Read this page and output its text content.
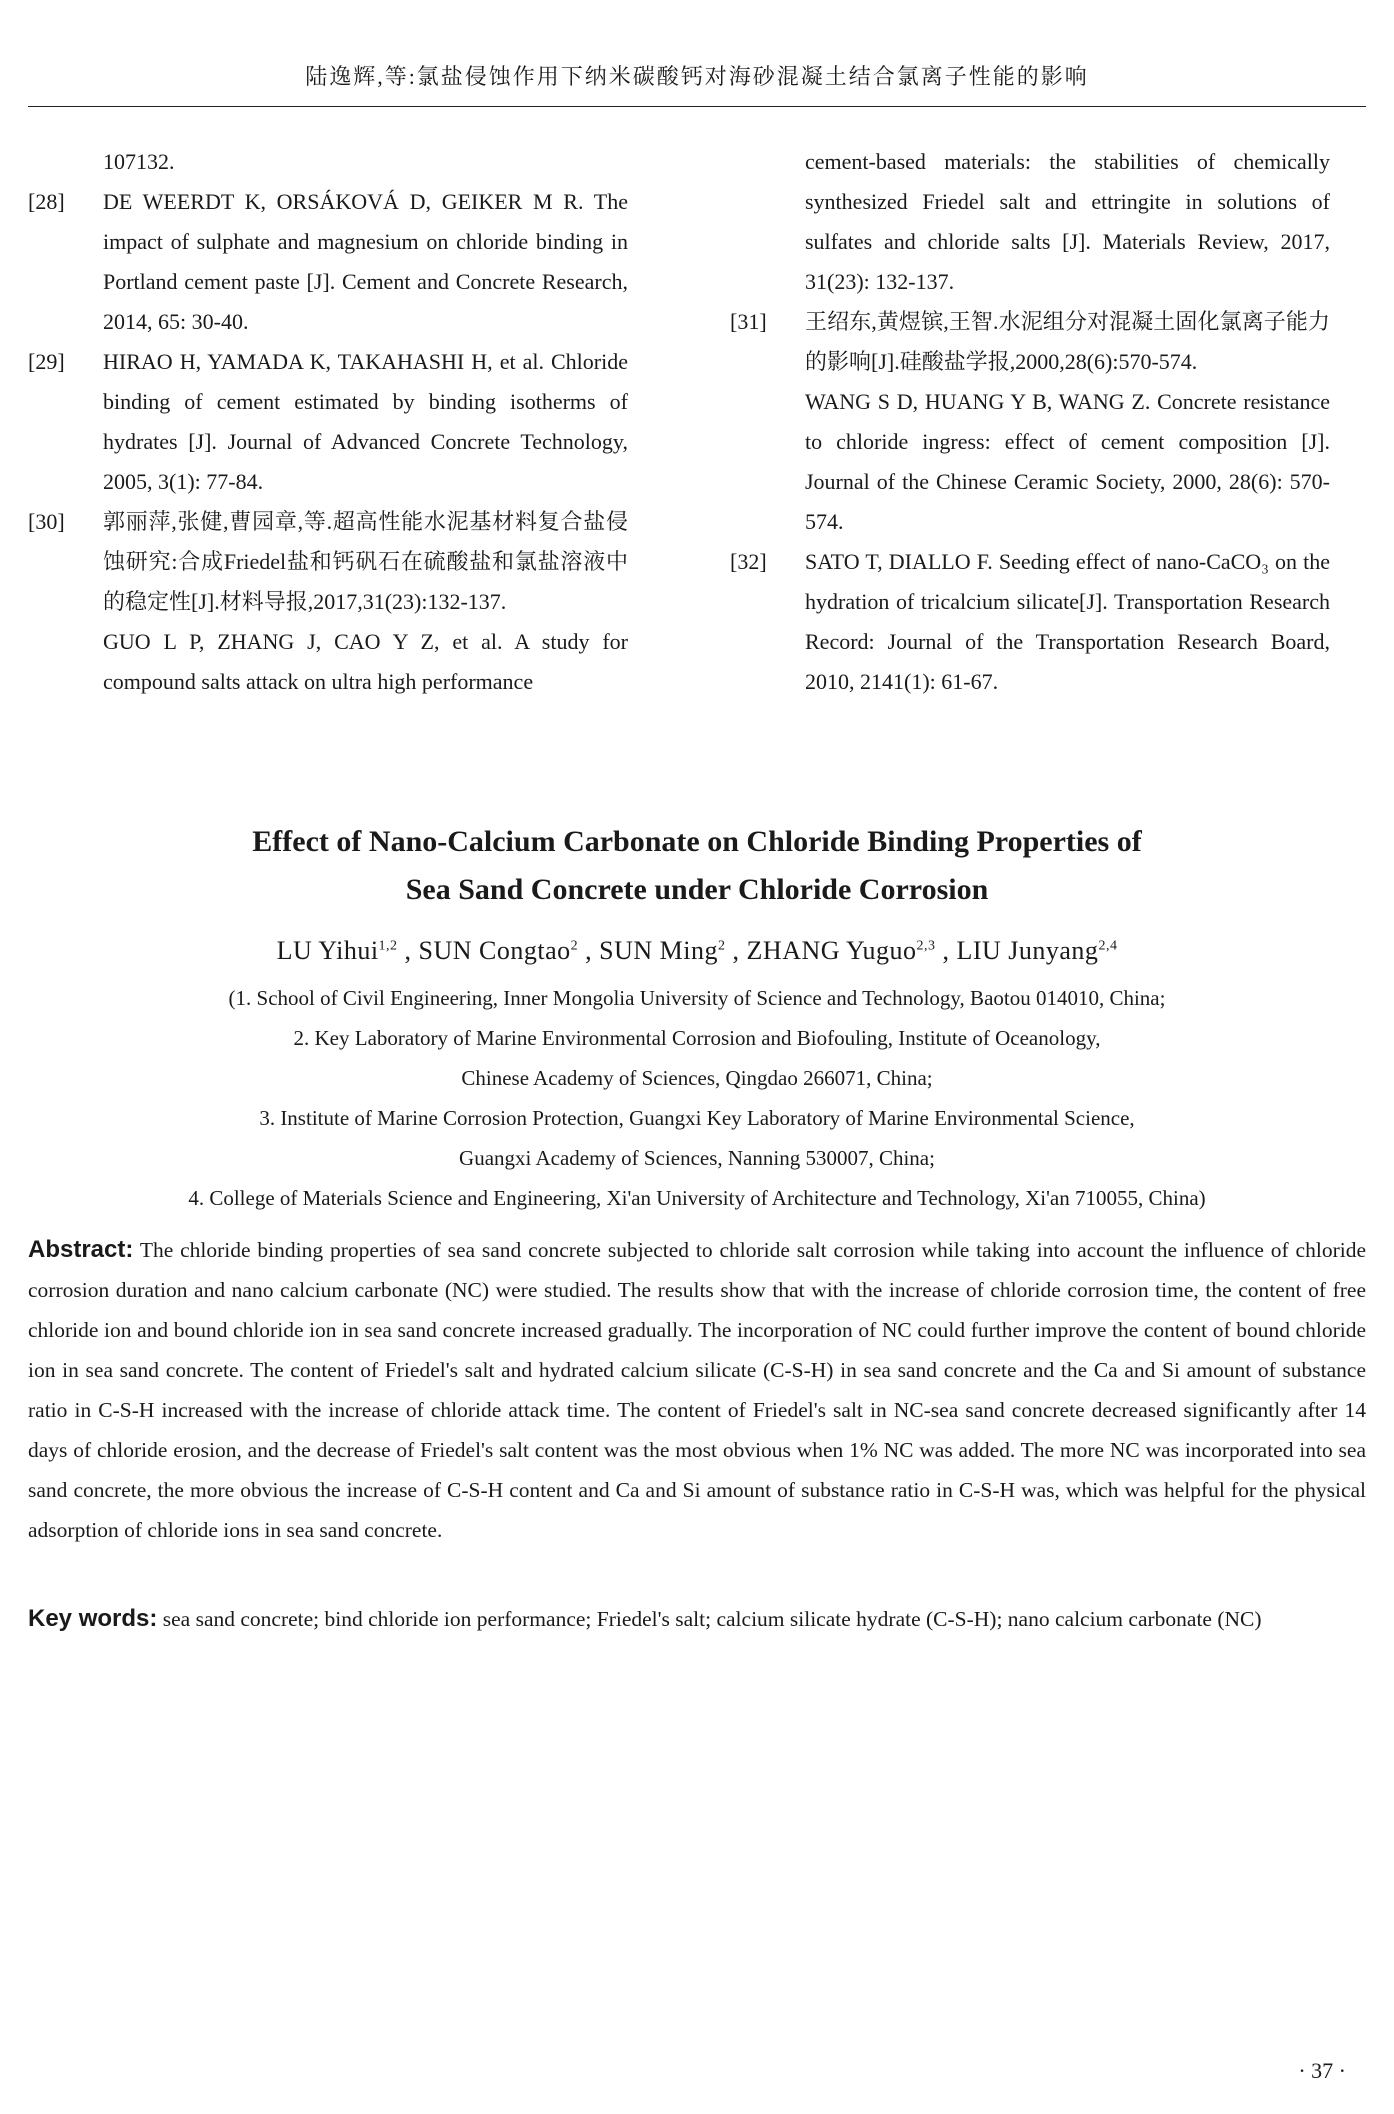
陆逸辉,等:氯盐侵蚀作用下纳米碳酸钙对海砂混凝土结合氯离子性能的影响
107132.
[28] DE WEERDT K, ORSÁKOVÁ D, GEIKER M R. The impact of sulphate and magnesium on chloride binding in Portland cement paste [J]. Cement and Concrete Research, 2014, 65: 30-40.
[29] HIRAO H, YAMADA K, TAKAHASHI H, et al. Chloride binding of cement estimated by binding isotherms of hydrates [J]. Journal of Advanced Concrete Technology, 2005, 3(1): 77-84.
[30] 郭丽萍,张健,曹园章,等.超高性能水泥基材料复合盐侵蚀研究:合成Friedel盐和钙矾石在硫酸盐和氯盐溶液中的稳定性[J].材料导报,2017,31(23):132-137.
GUO L P, ZHANG J, CAO Y Z, et al. A study for compound salts attack on ultra high performance
cement-based materials: the stabilities of chemically synthesized Friedel salt and ettringite in solutions of sulfates and chloride salts [J]. Materials Review, 2017, 31(23): 132-137.
[31] 王绍东,黄煜镔,王智.水泥组分对混凝土固化氯离子能力的影响[J].硅酸盐学报,2000,28(6):570-574.
WANG S D, HUANG Y B, WANG Z. Concrete resistance to chloride ingress: effect of cement composition [J]. Journal of the Chinese Ceramic Society, 2000, 28(6): 570-574.
[32] SATO T, DIALLO F. Seeding effect of nano-CaCO₃ on the hydration of tricalcium silicate[J]. Transportation Research Record: Journal of the Transportation Research Board, 2010, 2141(1): 61-67.
Effect of Nano-Calcium Carbonate on Chloride Binding Properties of
Sea Sand Concrete under Chloride Corrosion
LU Yihui$^{1,2}$ , SUN Congtao$^2$ , SUN Ming$^2$ , ZHANG Yuguo$^{2,3}$ , LIU Junyang$^{2,4}$
(1. School of Civil Engineering, Inner Mongolia University of Science and Technology, Baotou 014010, China;
2. Key Laboratory of Marine Environmental Corrosion and Biofouling, Institute of Oceanology,
Chinese Academy of Sciences, Qingdao 266071, China;
3. Institute of Marine Corrosion Protection, Guangxi Key Laboratory of Marine Environmental Science,
Guangxi Academy of Sciences, Nanning 530007, China;
4. College of Materials Science and Engineering, Xi'an University of Architecture and Technology, Xi'an 710055, China)

Abstract: The chloride binding properties of sea sand concrete subjected to chloride salt corrosion while taking into account the influence of chloride corrosion duration and nano calcium carbonate (NC) were studied. The results show that with the increase of chloride corrosion time, the content of free chloride ion and bound chloride ion in sea sand concrete increased gradually. The incorporation of NC could further improve the content of bound chloride ion in sea sand concrete. The content of Friedel's salt and hydrated calcium silicate (C-S-H) in sea sand concrete and the Ca and Si amount of substance ratio in C-S-H increased with the increase of chloride attack time. The content of Friedel's salt in NC-sea sand concrete decreased significantly after 14 days of chloride erosion, and the decrease of Friedel's salt content was the most obvious when 1% NC was added. The more NC was incorporated into sea sand concrete, the more obvious the increase of C-S-H content and Ca and Si amount of substance ratio in C-S-H was, which was helpful for the physical adsorption of chloride ions in sea sand concrete.

Key words: sea sand concrete; bind chloride ion performance; Friedel's salt; calcium silicate hydrate (C-S-H); nano calcium carbonate (NC)

· 37 ·
